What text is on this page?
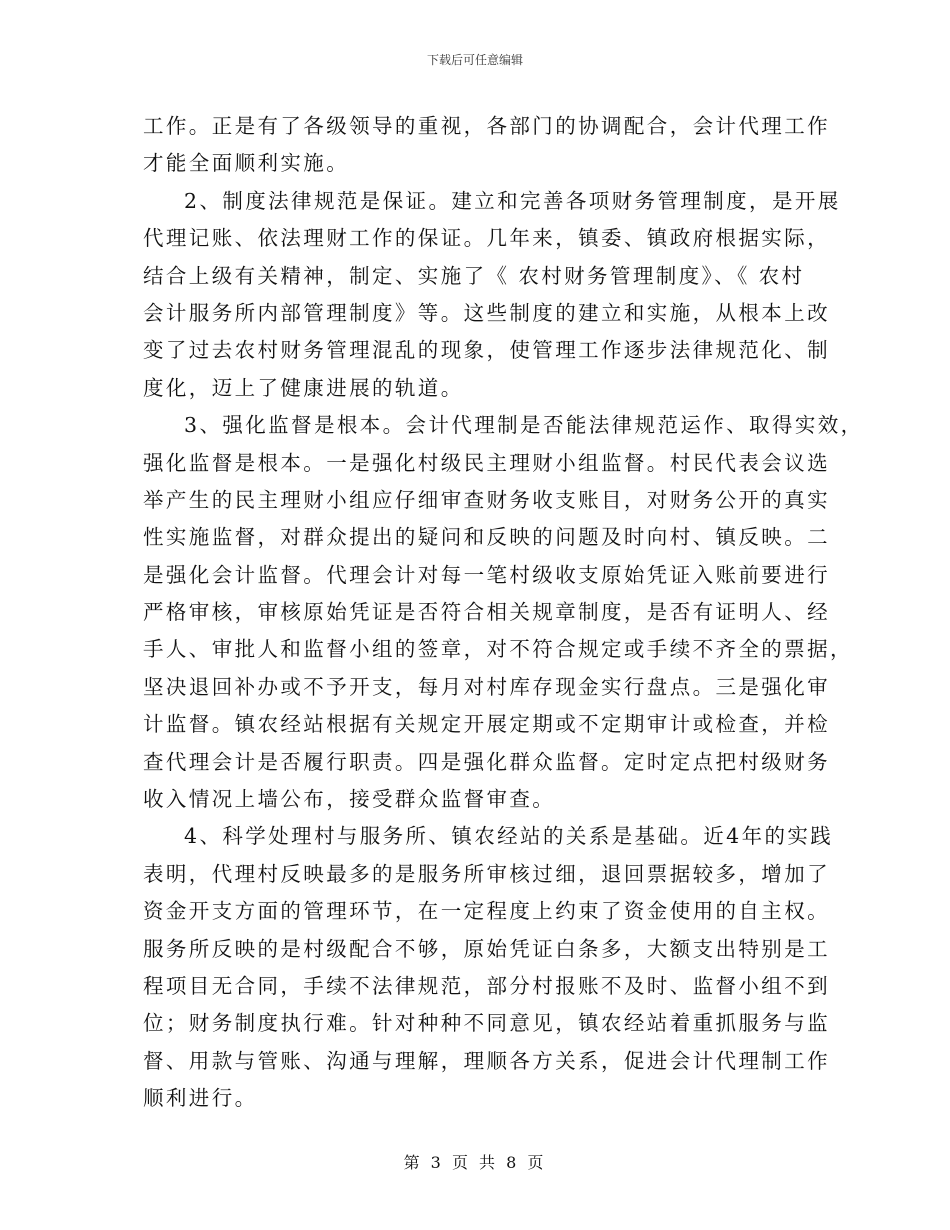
下载后可任意编辑
工作。正是有了各级领导的重视，各部门的协调配合，会计代理工作
才能全面顺利实施。
2、制度法律规范是保证。建立和完善各项财务管理制度，是开展
代理记账、依法理财工作的保证。几年来，镇委、镇政府根据实际，
结合上级有关精神，制定、实施了《 农村财务管理制度》、《 农村
会计服务所内部管理制度》等。这些制度的建立和实施，从根本上改
变了过去农村财务管理混乱的现象，使管理工作逐步法律规范化、制
度化，迈上了健康进展的轨道。
3、强化监督是根本。会计代理制是否能法律规范运作、取得实效，
强化监督是根本。一是强化村级民主理财小组监督。村民代表会议选
举产生的民主理财小组应仔细审查财务收支账目，对财务公开的真实
性实施监督，对群众提出的疑问和反映的问题及时向村、镇反映。二
是强化会计监督。代理会计对每一笔村级收支原始凭证入账前要进行
严格审核，审核原始凭证是否符合相关规章制度，是否有证明人、经
手人、审批人和监督小组的签章，对不符合规定或手续不齐全的票据，
坚决退回补办或不予开支，每月对村库存现金实行盘点。三是强化审
计监督。镇农经站根据有关规定开展定期或不定期审计或检查，并检
查代理会计是否履行职责。四是强化群众监督。定时定点把村级财务
收入情况上墙公布，接受群众监督审查。
4、科学处理村与服务所、镇农经站的关系是基础。近4年的实践
表明，代理村反映最多的是服务所审核过细，退回票据较多，增加了
资金开支方面的管理环节，在一定程度上约束了资金使用的自主权。
服务所反映的是村级配合不够，原始凭证白条多，大额支出特别是工
程项目无合同，手续不法律规范，部分村报账不及时、监督小组不到
位；财务制度执行难。针对种种不同意见，镇农经站着重抓服务与监
督、用款与管账、沟通与理解，理顺各方关系，促进会计代理制工作
顺利进行。
第 3 页 共 8 页
